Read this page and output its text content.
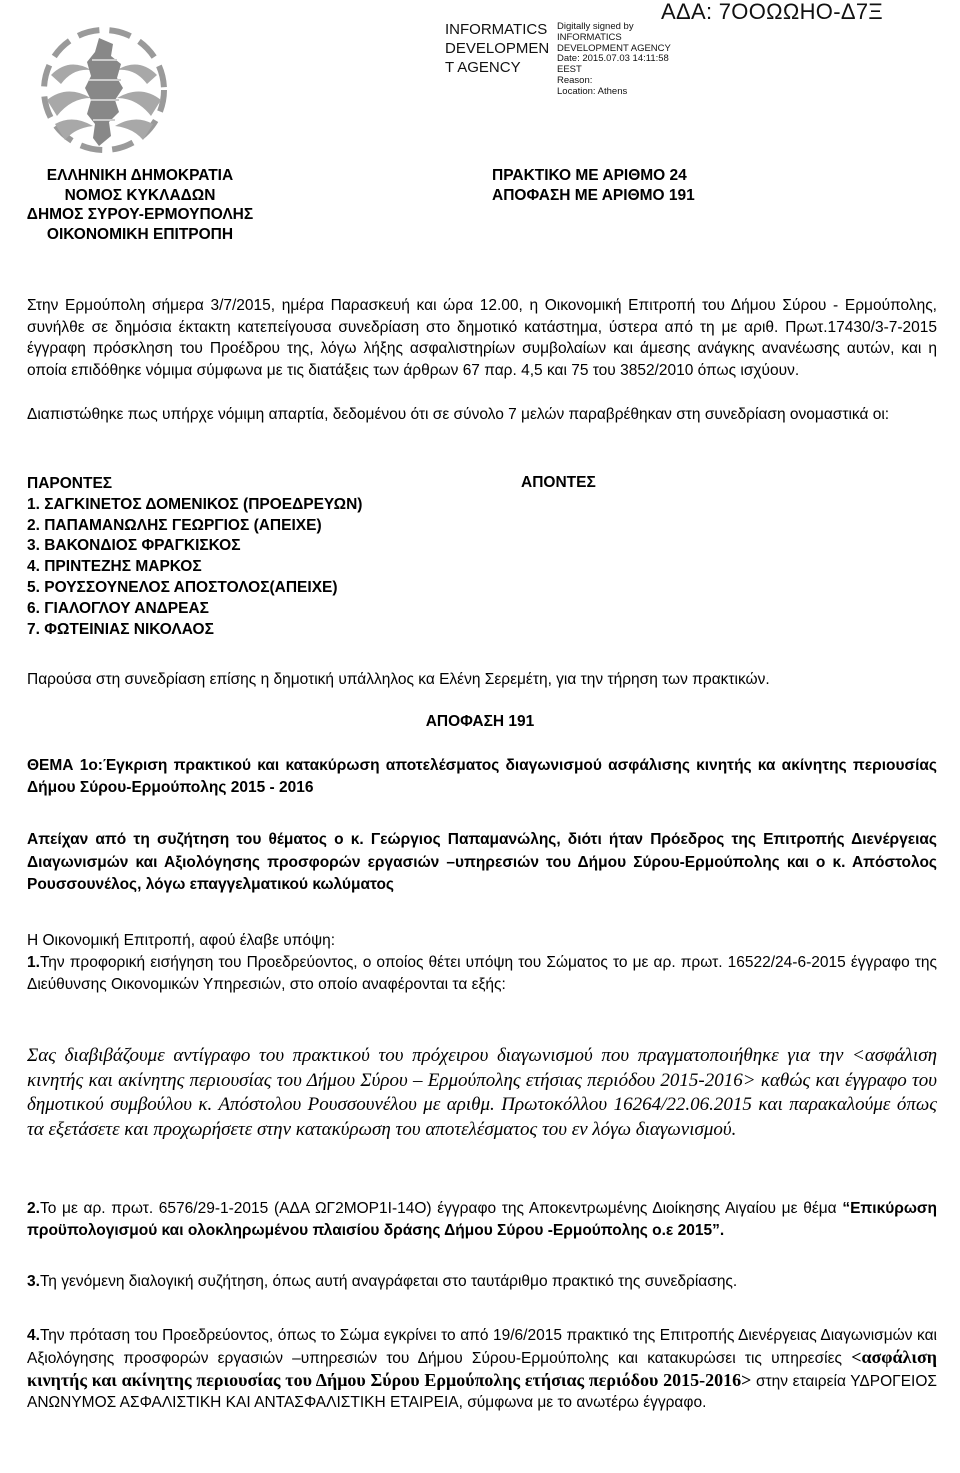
INFORMATICS
DEVELOPMEN
T AGENCY
Digitally signed by
INFORMATICS
DEVELOPMENT AGENCY
Date: 2015.07.03 14:11:58
EEST
Reason:
Location: Athens
ΑΔΑ: 7ΟΟΩΩΗΟ-Δ7Ξ
ΕΛΛΗΝΙΚΗ ΔΗΜΟΚΡΑΤΙΑ
ΝΟΜΟΣ ΚΥΚΛΑΔΩΝ
ΔΗΜΟΣ ΣΥΡΟΥ-ΕΡΜΟΥΠΟΛΗΣ
ΟΙΚΟΝΟΜΙΚΗ ΕΠΙΤΡΟΠΗ
ΠΡΑΚΤΙΚΟ ΜΕ ΑΡΙΘΜΟ 24
ΑΠΟΦΑΣΗ ΜΕ ΑΡΙΘΜΟ 191

Στην Ερμούπολη σήμερα 3/7/2015, ημέρα Παρασκευή και ώρα 12.00, η Οικονομική Επιτροπή του Δήμου Σύρου - Ερμούπολης, συνήλθε σε δημόσια έκτακτη κατεπείγουσα συνεδρίαση στο δημοτικό κατάστημα, ύστερα από τη με αριθ. Πρωτ.17430/3-7-2015 έγγραφη πρόσκληση του Προέδρου της, λόγω λήξης ασφαλιστηρίων συμβολαίων και άμεσης ανάγκης ανανέωσης αυτών, και η οποία επιδόθηκε νόμιμα σύμφωνα με τις διατάξεις των άρθρων 67 παρ. 4,5 και 75 του 3852/2010 όπως ισχύουν.

Διαπιστώθηκε πως υπήρχε νόμιμη απαρτία, δεδομένου ότι σε σύνολο 7 μελών παραβρέθηκαν στη συνεδρίαση ονομαστικά οι:

ΠΑΡΟΝΤΕΣ
1. ΣΑΓΚΙΝΕΤΟΣ ΔΟΜΕΝΙΚΟΣ (ΠΡΟΕΔΡΕΥΩΝ)
2. ΠΑΠΑΜΑΝΩΛΗΣ ΓΕΩΡΓΙΟΣ (ΑΠΕΙΧΕ)
3. ΒΑΚΟΝΔΙΟΣ ΦΡΑΓΚΙΣΚΟΣ
4. ΠΡΙΝΤΕΖΗΣ ΜΑΡΚΟΣ
5. ΡΟΥΣΣΟΥΝΕΛΟΣ ΑΠΟΣΤΟΛΟΣ(ΑΠΕΙΧΕ)
6. ΓΙΑΛΟΓΛΟΥ ΑΝΔΡΕΑΣ
7. ΦΩΤΕΙΝΙΑΣ ΝΙΚΟΛΑΟΣ
ΑΠΟΝΤΕΣ

Παρούσα στη συνεδρίαση επίσης η δημοτική υπάλληλος κα Ελένη Σερεμέτη, για την τήρηση των πρακτικών.

ΑΠΟΦΑΣΗ 191

ΘΕΜΑ 1ο:Έγκριση πρακτικού και κατακύρωση αποτελέσματος διαγωνισμού ασφάλισης κινητής κα ακίνητης περιουσίας Δήμου Σύρου-Ερμούπολης 2015 - 2016

Απείχαν από τη συζήτηση του θέματος ο κ. Γεώργιος Παπαμανώλης, διότι ήταν Πρόεδρος της Επιτροπής Διενέργειας Διαγωνισμών και Αξιολόγησης προσφορών εργασιών –υπηρεσιών του Δήμου Σύρου-Ερμούπολης και ο κ. Απόστολος Ρουσσουνέλος, λόγω επαγγελματικού κωλύματος

Η Οικονομική Επιτροπή, αφού έλαβε υπόψη:

1.Την προφορική εισήγηση του Προεδρεύοντος, ο οποίος θέτει υπόψη του Σώματος το με αρ. πρωτ. 16522/24-6-2015 έγγραφο της Διεύθυνσης Οικονομικών Υπηρεσιών, στο οποίο αναφέρονται τα εξής:

Σας διαβιβάζουμε αντίγραφο του πρακτικού του πρόχειρου διαγωνισμού που πραγματοποιήθηκε για την <ασφάλιση κινητής και ακίνητης περιουσίας του Δήμου Σύρου – Ερμούπολης ετήσιας περιόδου 2015-2016> καθώς και έγγραφο του δημοτικού συμβούλου κ. Απόστολου Ρουσσουνέλου με αριθμ. Πρωτοκόλλου 16264/22.06.2015 και παρακαλούμε όπως τα εξετάσετε και προχωρήσετε στην κατακύρωση του αποτελέσματος του εν λόγω διαγωνισμού.

2.Το με αρ. πρωτ. 6576/29-1-2015 (ΑΔΑ ΩΓ2ΜΟΡ1Ι-14Ο) έγγραφο της Αποκεντρωμένης Διοίκησης Αιγαίου με θέμα “Επικύρωση προϋπολογισμού και ολοκληρωμένου πλαισίου δράσης Δήμου Σύρου -Ερμούπολης ο.ε 2015”.

3.Τη γενόμενη διαλογική συζήτηση, όπως αυτή αναγράφεται στο ταυτάριθμο πρακτικό της συνεδρίασης.

4.Την πρόταση του Προεδρεύοντος, όπως το Σώμα εγκρίνει το από 19/6/2015 πρακτικό της Επιτροπής Διενέργειας Διαγωνισμών και Αξιολόγησης προσφορών εργασιών –υπηρεσιών του Δήμου Σύρου-Ερμούπολης και κατακυρώσει τις υπηρεσίες <ασφάλιση κινητής και ακίνητης περιουσίας του Δήμου Σύρου Ερμούπολης ετήσιας περιόδου 2015-2016> στην εταιρεία ΥΔΡΟΓΕΙΟΣ ΑΝΩΝΥΜΟΣ ΑΣΦΑΛΙΣΤΙΚΗ ΚΑΙ ΑΝΤΑΣΦΑΛΙΣΤΙΚΗ ΕΤΑΙΡΕΙΑ, σύμφωνα με το ανωτέρω έγγραφο.
